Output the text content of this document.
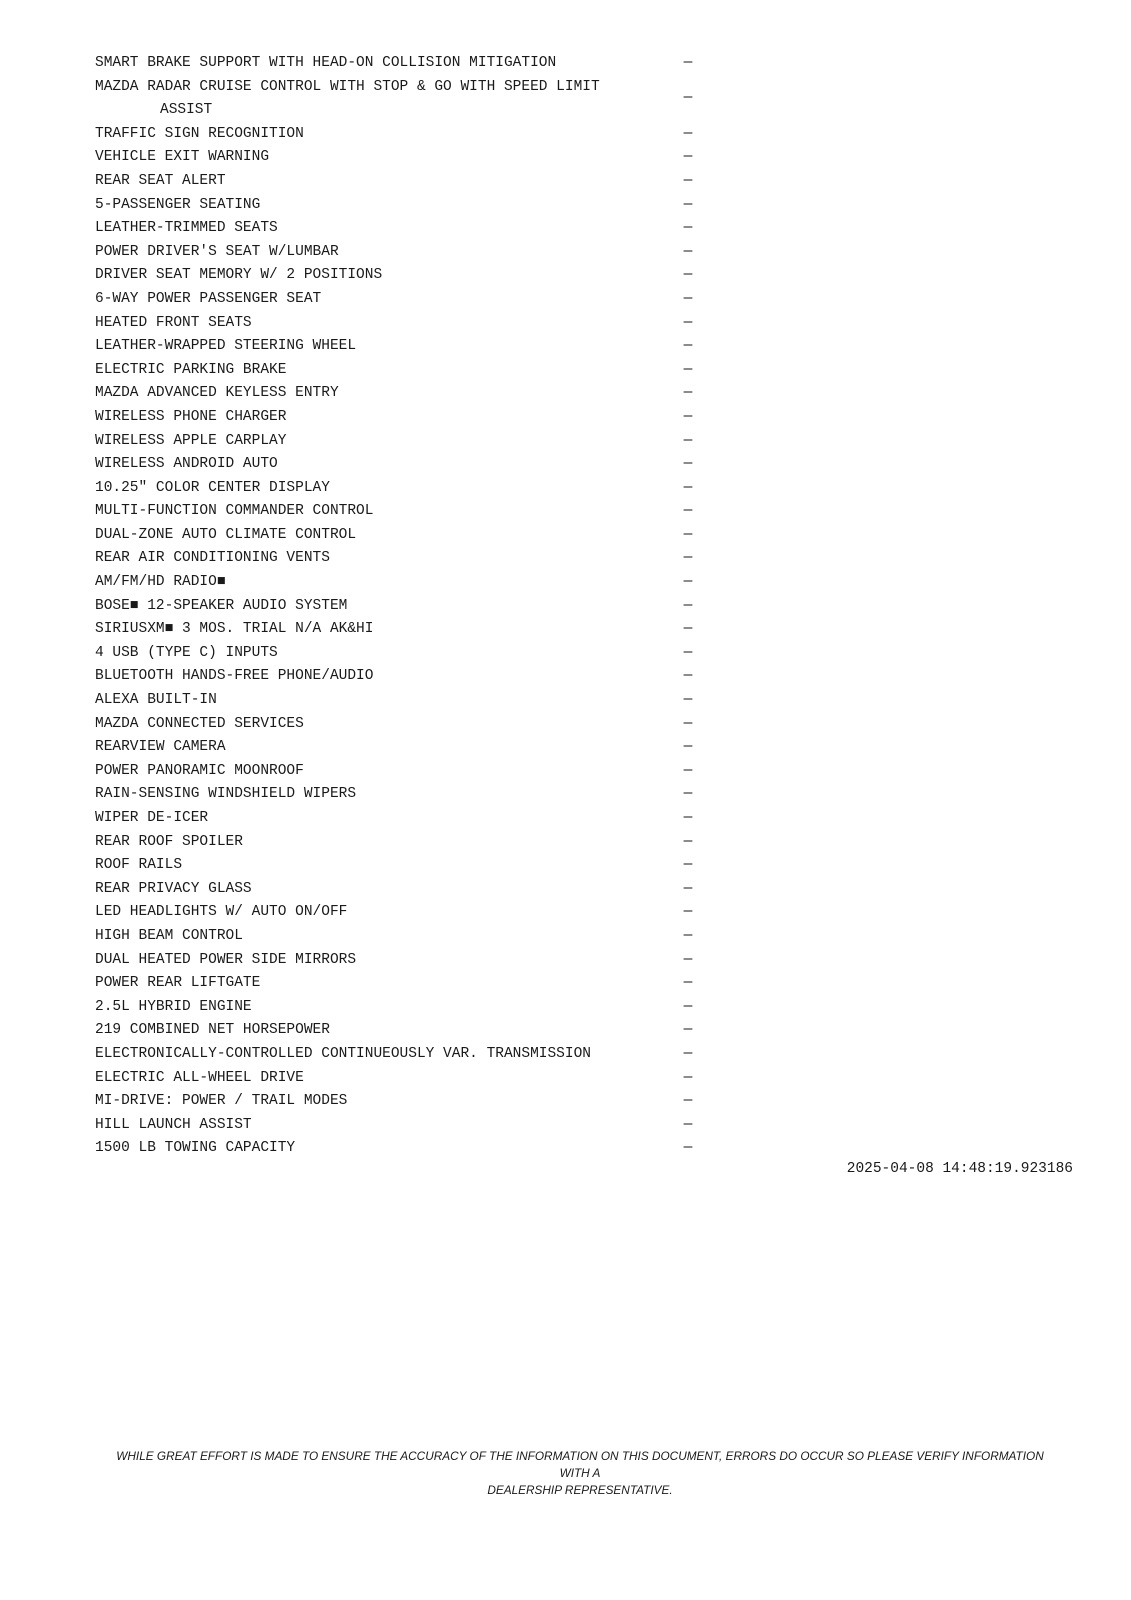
SMART BRAKE SUPPORT WITH HEAD-ON COLLISION MITIGATION	—
MAZDA RADAR CRUISE CONTROL WITH STOP & GO WITH SPEED LIMIT
ASSIST
—
TRAFFIC SIGN RECOGNITION	—
VEHICLE EXIT WARNING	—
REAR SEAT ALERT	—
5-PASSENGER SEATING	—
LEATHER-TRIMMED SEATS	—
POWER DRIVER'S SEAT W/LUMBAR	—
DRIVER SEAT MEMORY W/ 2 POSITIONS	—
6-WAY POWER PASSENGER SEAT	—
HEATED FRONT SEATS	—
LEATHER-WRAPPED STEERING WHEEL	—
ELECTRIC PARKING BRAKE	—
MAZDA ADVANCED KEYLESS ENTRY	—
WIRELESS PHONE CHARGER	—
WIRELESS APPLE CARPLAY	—
WIRELESS ANDROID AUTO	—
10.25" COLOR CENTER DISPLAY	—
MULTI-FUNCTION COMMANDER CONTROL	—
DUAL-ZONE AUTO CLIMATE CONTROL	—
REAR AIR CONDITIONING VENTS	—
AM/FM/HD RADIO■	—
BOSE■ 12-SPEAKER AUDIO SYSTEM	—
SIRIUSXM■ 3 MOS. TRIAL N/A AK&HI	—
4 USB (TYPE C) INPUTS	—
BLUETOOTH HANDS-FREE PHONE/AUDIO	—
ALEXA BUILT-IN	—
MAZDA CONNECTED SERVICES	—
REARVIEW CAMERA	—
POWER PANORAMIC MOONROOF	—
RAIN-SENSING WINDSHIELD WIPERS	—
WIPER DE-ICER	—
REAR ROOF SPOILER	—
ROOF RAILS	—
REAR PRIVACY GLASS	—
LED HEADLIGHTS W/ AUTO ON/OFF	—
HIGH BEAM CONTROL	—
DUAL HEATED POWER SIDE MIRRORS	—
POWER REAR LIFTGATE	—
2.5L HYBRID ENGINE	—
219 COMBINED NET HORSEPOWER	—
ELECTRONICALLY-CONTROLLED CONTINUEOUSLY VAR. TRANSMISSION	—
ELECTRIC ALL-WHEEL DRIVE	—
MI-DRIVE: POWER / TRAIL MODES	—
HILL LAUNCH ASSIST	—
1500 LB TOWING CAPACITY	—
2025-04-08 14:48:19.923186
WHILE GREAT EFFORT IS MADE TO ENSURE THE ACCURACY OF THE INFORMATION ON THIS DOCUMENT, ERRORS DO OCCUR SO PLEASE VERIFY INFORMATION WITH A
DEALERSHIP REPRESENTATIVE.
